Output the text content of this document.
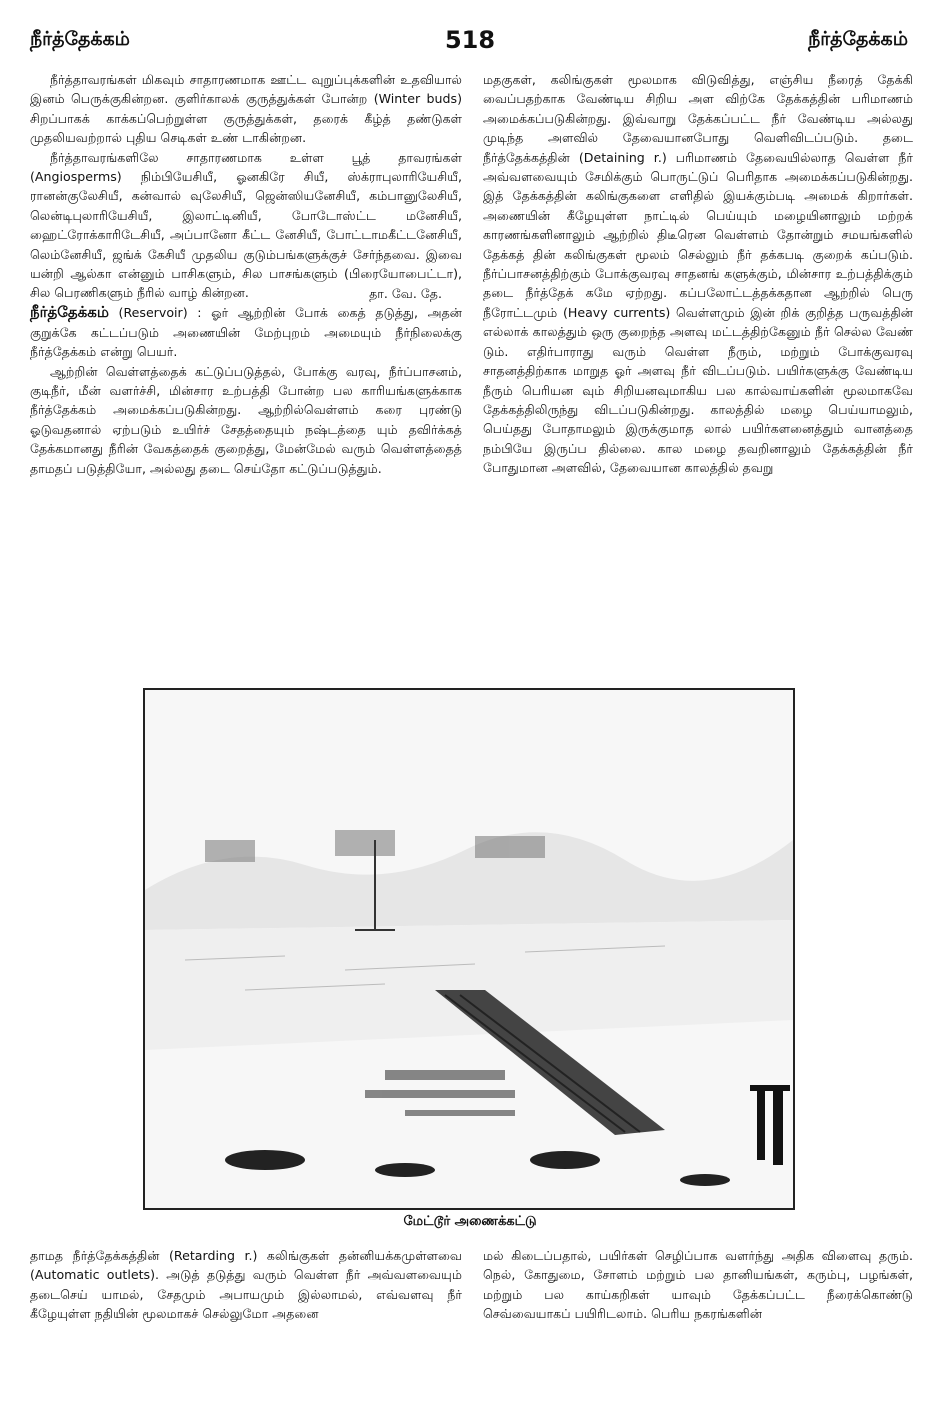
நீர்த்தேக்கம்	518	நீர்த்தேக்கம்

நீர்த்தாவரங்கள் மிகவும் சாதாரணமாக ஊட்ட வுறுப்புக்களின் உதவியால் இனம் பெருக்குகின்றன. குளிர்காலக் குருத்துக்கள் போன்ற (Winter buds) சிறப்பாகக் காக்கப்பெற்றுள்ள குருத்துக்கள், தரைக் கீழ்த் தண்டுகள் முதலியவற்றால் புதிய செடிகள் உண் டாகின்றன.

நீர்த்தாவரங்களிலே சாதாரணமாக உள்ள பூத் தாவரங்கள் (Angiosperms) நிம்பியேசியீ, ஓனகிரே சியீ, ஸ்க்ராபுலாரியேசியீ, ரானன்குலேசியீ, கன்வால் வுலேசியீ, ஜென்ஸியனேசியீ, கம்பானுலேசியீ, லென்டிபுலாரியேசியீ, இலாட்டினியீ, போடோஸ்ட்ட மனேசியீ, ஹைட்ரோக்காரிடேசியீ, அப்பானோ கீட்ட னேசியீ, போட்டாமகீட்டனேசியீ, லெம்னேசியீ, ஜங்க் கேசியீ முதலிய குடும்பங்களுக்குச் சேர்ந்தவை. இவை யன்றி ஆல்கா என்னும் பாசிகளும், சில பாசங்களும் (பிரையோபைட்டா), சில பெரணிகளும் நீரில் வாழ் கின்றன.	தா. வே. தே.

நீர்த்தேக்கம் (Reservoir) : ஓர் ஆற்றின் போக் கைத் தடுத்து, அதன் குறுக்கே கட்டப்படும் அணையின் மேற்புறம் அமையும் நீர்நிலைக்கு நீர்த்தேக்கம் என்று பெயர்.

ஆற்றின் வெள்ளத்தைக் கட்டுப்படுத்தல், போக்கு வரவு, நீர்ப்பாசனம், குடிநீர், மீன் வளர்ச்சி, மின்சார உற்பத்தி போன்ற பல காரியங்களுக்காக நீர்த்தேக்கம் அமைக்கப்படுகின்றது. ஆற்றில்வெள்ளம் கரை புரண்டு ஓடுவதனால் ஏற்படும் உயிர்ச் சேதத்தையும் நஷ்டத்தை யும் தவிர்க்கத் தேக்கமானது நீரின் வேகத்தைக் குறைத்து, மேன்மேல் வரும் வெள்ளத்தைத் தாமதப் படுத்தியோ, அல்லது தடை செய்தோ கட்டுப்படுத்தும்.

மதகுகள், கலிங்குகள் மூலமாக விடுவித்து, எஞ்சிய நீரைத் தேக்கி வைப்பதற்காக வேண்டிய சிறிய அள விற்கே தேக்கத்தின் பரிமாணம் அமைக்கப்படுகின்றது. இவ்வாறு தேக்கப்பட்ட நீர் வேண்டிய அல்லது முடிந்த அளவில் தேவையானபோது வெளிவிடப்படும். தடை நீர்த்தேக்கத்தின் (Detaining r.) பரிமாணம் தேவையில்லாத வெள்ள நீர் அவ்வளவையும் சேமிக்கும் பொருட்டுப் பெரிதாக அமைக்கப்படுகின்றது. இத் தேக்கத்தின் கலிங்குகளை எளிதில் இயக்கும்படி அமைக் கிறார்கள். அணையின் கீழேயுள்ள நாட்டில் பெய்யும் மழையினாலும் மற்றக் காரணங்களினாலும் ஆற்றில் திடீரென வெள்ளம் தோன்றும் சமயங்களில் தேக்கத் தின் கலிங்குகள் மூலம் செல்லும் நீர் தக்கபடி குறைக் கப்படும். நீர்ப்பாசனத்திற்கும் போக்குவரவு சாதனங் களுக்கும், மின்சார உற்பத்திக்கும் தடை நீர்த்தேக் கமே ஏற்றது. கப்பலோட்டத்தக்கதான ஆற்றில் பெரு நீரோட்டமும் (Heavy currents) வெள்ளமும் இன் றிக் குறித்த பருவத்தின் எல்லாக் காலத்தும் ஒரு குறைந்த அளவு மட்டத்திற்கேனும் நீர் செல்ல வேண் டும். எதிர்பாராது வரும் வெள்ள நீரும், மற்றும் போக்குவரவு சாதனத்திற்காக மாறுத ஓர் அளவு நீர் விடப்படும். பயிர்களுக்கு வேண்டிய நீரும் பெரியன வும் சிறியனவுமாகிய பல கால்வாய்களின் மூலமாகவே தேக்கத்திலிருந்து விடப்படுகின்றது. காலத்தில் மழை பெய்யாமலும், பெய்தது போதாமலும் இருக்குமாத லால் பயிர்களனைத்தும் வானத்தை நம்பியே இருப்ப தில்லை. கால மழை தவறினாலும் தேக்கத்தின் நீர் போதுமான அளவில், தேவையான காலத்தில் தவறு

மேட்டூர் அணைக்கட்டு

தாமத நீர்த்தேக்கத்தின் (Retarding r.) கலிங்குகள் தன்னியக்கமுள்ளவை (Automatic outlets). அடுத் தடுத்து வரும் வெள்ள நீர் அவ்வளவையும் தடைசெய் யாமல், சேதமும் அபாயமும் இல்லாமல், எவ்வளவு நீர் கீழேயுள்ள நதியின் மூலமாகச் செல்லுமோ அதனை

மல் கிடைப்பதால், பயிர்கள் செழிப்பாக வளர்ந்து அதிக விளைவு தரும். நெல், கோதுமை, சோளம் மற்றும் பல தானியங்கள், கரும்பு, பழங்கள், மற்றும் பல காய்கறிகள் யாவும் தேக்கப்பட்ட நீரைக்கொண்டு செவ்வையாகப் பயிரிடலாம். பெரிய நகரங்களின்
